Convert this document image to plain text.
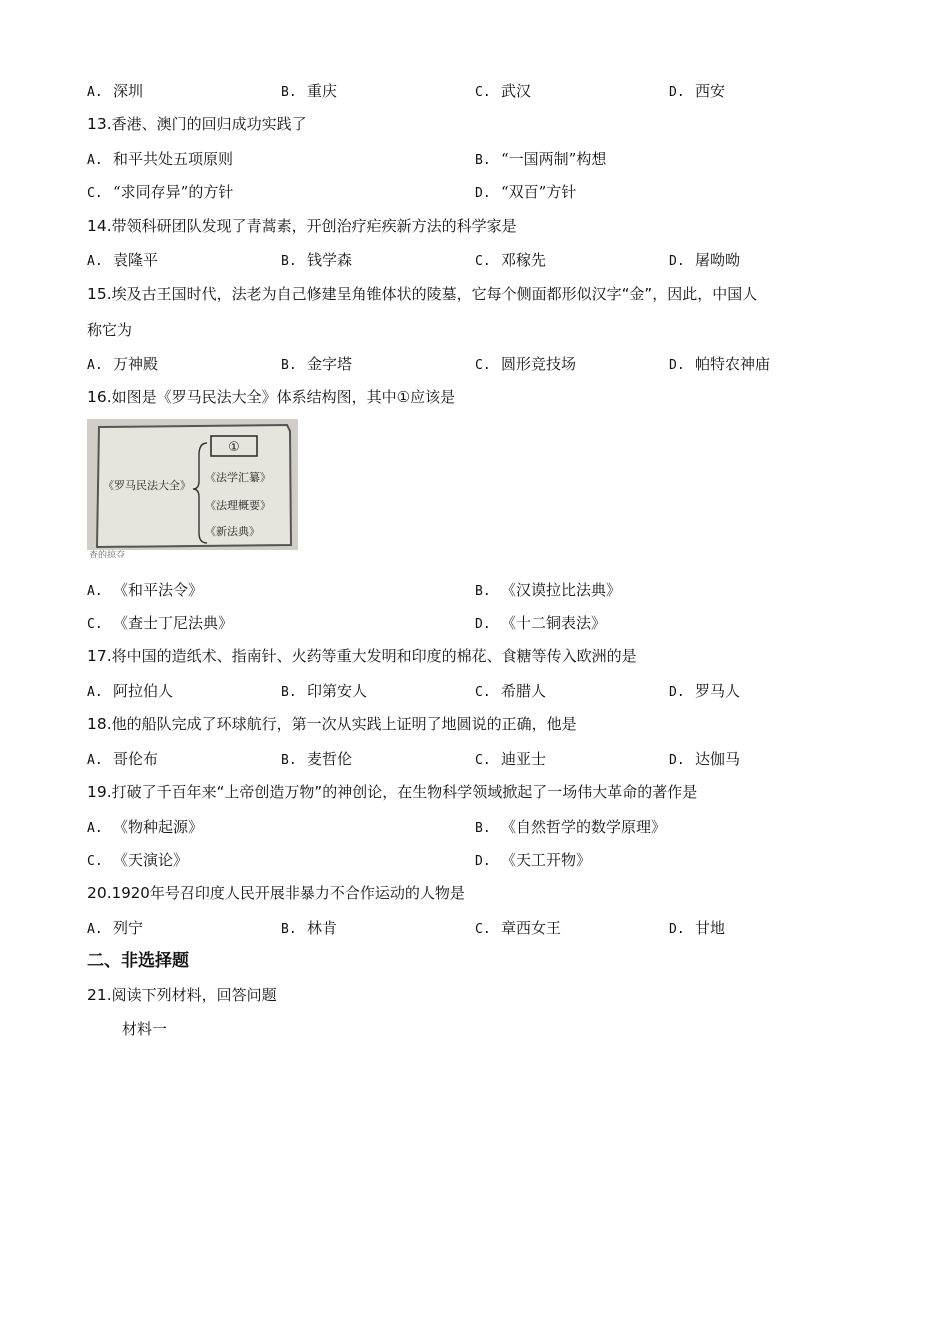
A. 深圳	B. 重庆	C. 武汉	D. 西安
13.香港、澳门的回归成功实践了
A. 和平共处五项原则	B. “一国两制”构想
C. “求同存异”的方针	D. “双百”方针
14.带领科研团队发现了青蒿素，开创治疗疟疾新方法的科学家是
A. 袁隆平	B. 钱学森	C. 邓稼先	D. 屠呦呦
15.埃及古王国时代，法老为自己修建呈角锥体状的陵墓，它每个侧面都形似汉字“金”，因此，中国人
称它为
A. 万神殿	B. 金字塔	C. 圆形竞技场	D. 帕特农神庙
16.如图是《罗马民法大全》体系结构图，其中①应该是
①
《罗马民法大全》
《法学汇纂》
《法理概要》
《新法典》
查的掠夺
A. 《和平法令》	B. 《汉谟拉比法典》
C. 《查士丁尼法典》	D. 《十二铜表法》
17.将中国的造纸术、指南针、火药等重大发明和印度的棉花、食糖等传入欧洲的是
A. 阿拉伯人	B. 印第安人	C. 希腊人	D. 罗马人
18.他的船队完成了环球航行，第一次从实践上证明了地圆说的正确，他是
A. 哥伦布	B. 麦哲伦	C. 迪亚士	D. 达伽马
19.打破了千百年来“上帝创造万物”的神创论，在生物科学领域掀起了一场伟大革命的著作是
A. 《物种起源》	B. 《自然哲学的数学原理》
C. 《天演论》	D. 《天工开物》
20.1920年号召印度人民开展非暴力不合作运动的人物是
A. 列宁	B. 林肯	C. 章西女王	D. 甘地
二、非选择题
21.阅读下列材料，回答问题
材料一
